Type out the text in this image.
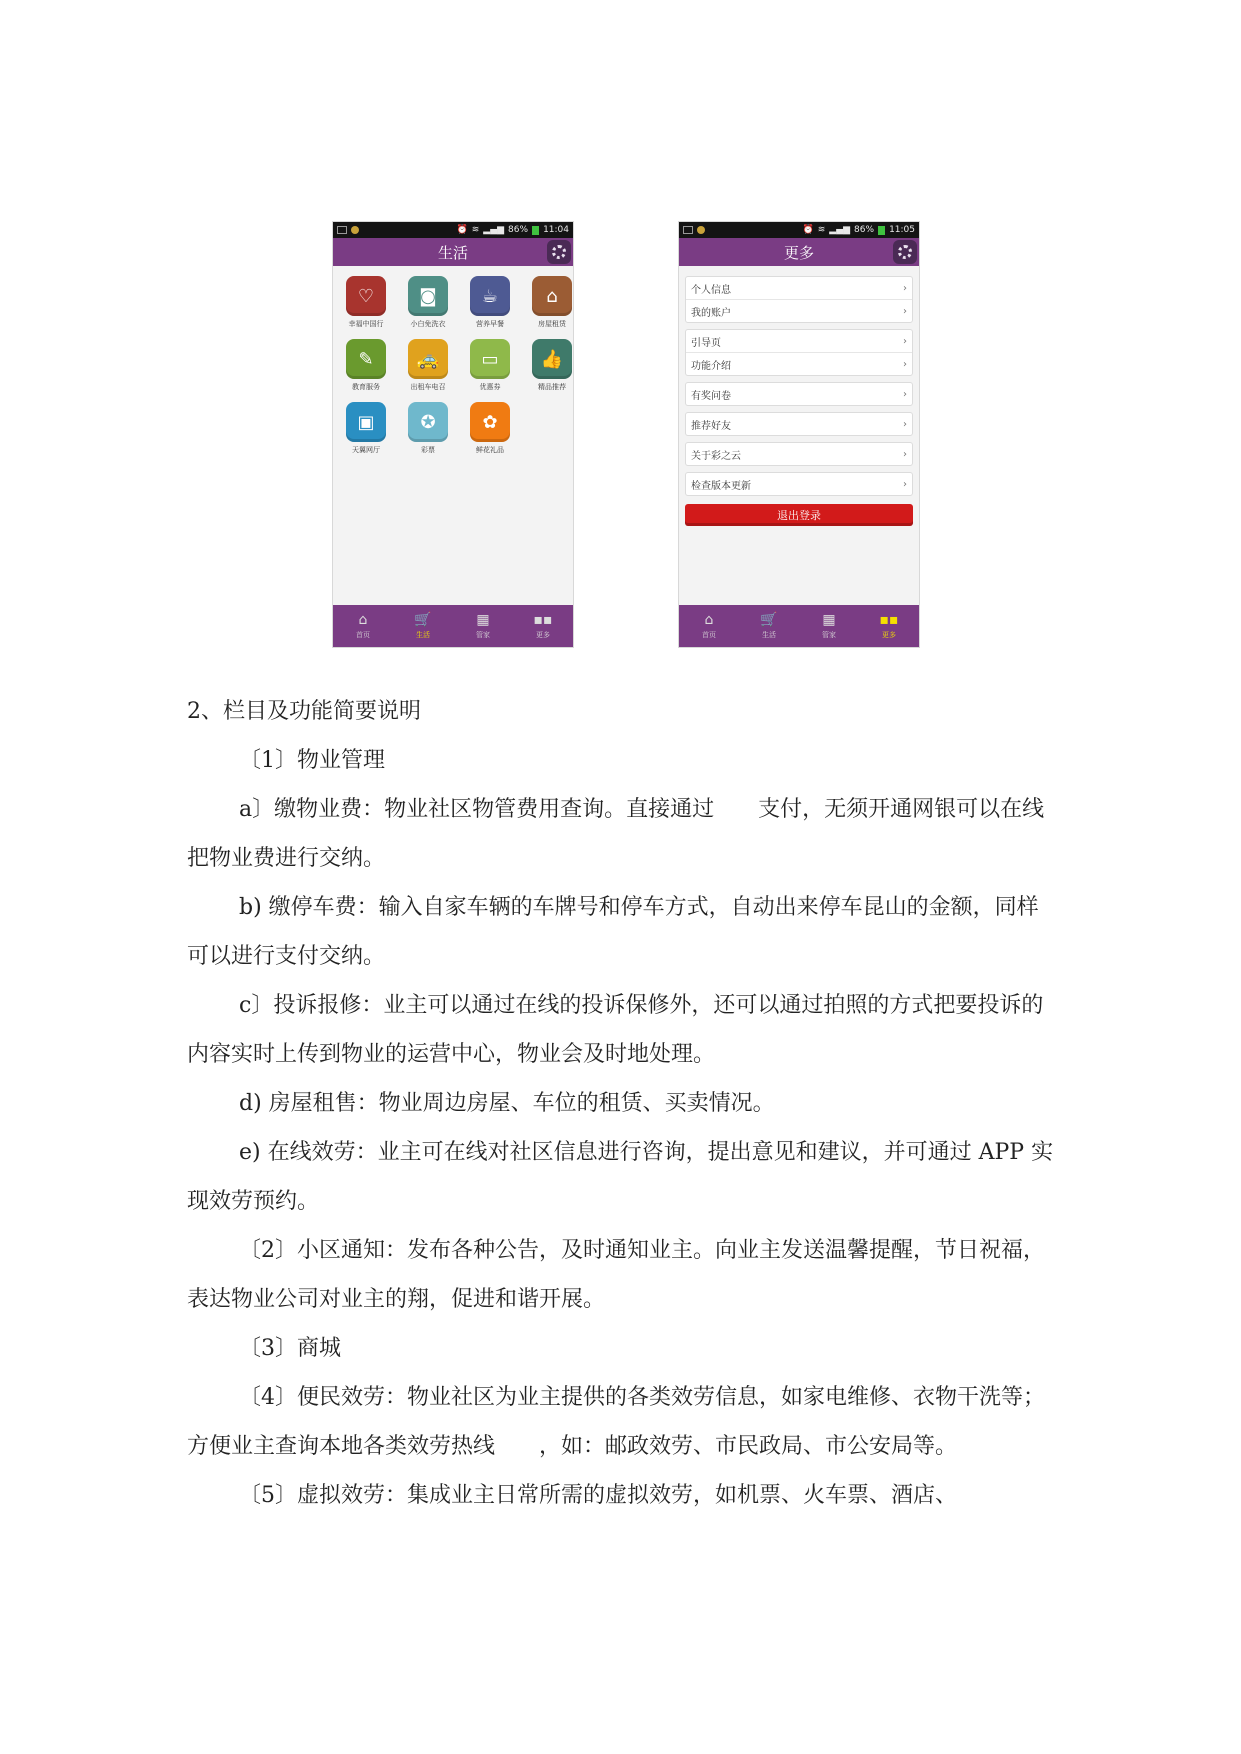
⏰ ≋ ▂▄▆ 86% 11:04
生活
♡
幸福中国行
◙
小白免洗衣
☕
营养早餐
⌂
房屋租赁
✎
教育服务
🚕
出租车电召
▭
优惠券
👍
精品推荐
▣
天翼网厅
✪
彩票
✿
鲜花礼品
⌂
首页
🛒
生活
▦
管家
▪▪
更多
⏰ ≋ ▂▄▆ 86% 11:05
更多
个人信息	›
我的账户	›
引导页	›
功能介绍	›
有奖问卷	›
推荐好友	›
关于彩之云	›
检查版本更新	›
退出登录
⌂
首页
🛒
生活
▦
管家
▪▪
更多

2、栏目及功能简要说明

〔1〕物业管理

a〕缴物业费：物业社区物管费用查询。直接通过　　支付，无须开通网银可以在线把物业费进行交纳。

b) 缴停车费：输入自家车辆的车牌号和停车方式，自动出来停车昆山的金额，同样可以进行支付交纳。

c〕投诉报修：业主可以通过在线的投诉保修外，还可以通过拍照的方式把要投诉的内容实时上传到物业的运营中心，物业会及时地处理。

d) 房屋租售：物业周边房屋、车位的租赁、买卖情况。

e) 在线效劳：业主可在线对社区信息进行咨询，提出意见和建议，并可通过 APP 实现效劳预约。

〔2〕小区通知：发布各种公告，及时通知业主。向业主发送温馨提醒，节日祝福，表达物业公司对业主的翔，促进和谐开展。

〔3〕商城

〔4〕便民效劳：物业社区为业主提供的各类效劳信息，如家电维修、衣物干洗等；方便业主查询本地各类效劳热线　　，如：邮政效劳、市民政局、市公安局等。

〔5〕虚拟效劳：集成业主日常所需的虚拟效劳，如机票、火车票、酒店、
